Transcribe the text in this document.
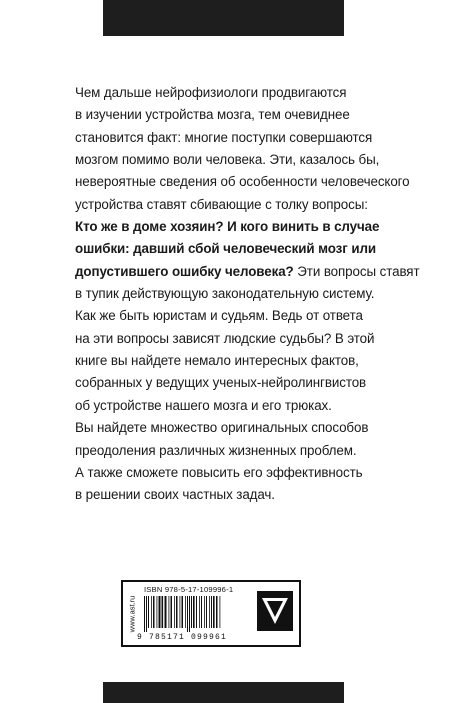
Чем дальше нейрофизиологи продвигаются
в изучении устройства мозга, тем очевиднее
становится факт: многие поступки совершаются
мозгом помимо воли человека. Эти, казалось бы,
невероятные сведения об особенности человеческого
устройства ставят сбивающие с толку вопросы:
Кто же в доме хозяин? И кого винить в случае
ошибки: давший сбой человеческий мозг или
допустившего ошибку человека? Эти вопросы ставят
в тупик действующую законодательную систему.
Как же быть юристам и судьям. Ведь от ответа
на эти вопросы зависят людские судьбы? В этой
книге вы найдете немало интересных фактов,
собранных у ведущих ученых-нейролингвистов
об устройстве нашего мозга и его трюках.
Вы найдете множество оригинальных способов
преодоления различных жизненных проблем.
А также сможете повысить его эффективность
в решении своих частных задач.
www.ast.ru
ISBN 978-5-17-109996-1
9 785171 099961
